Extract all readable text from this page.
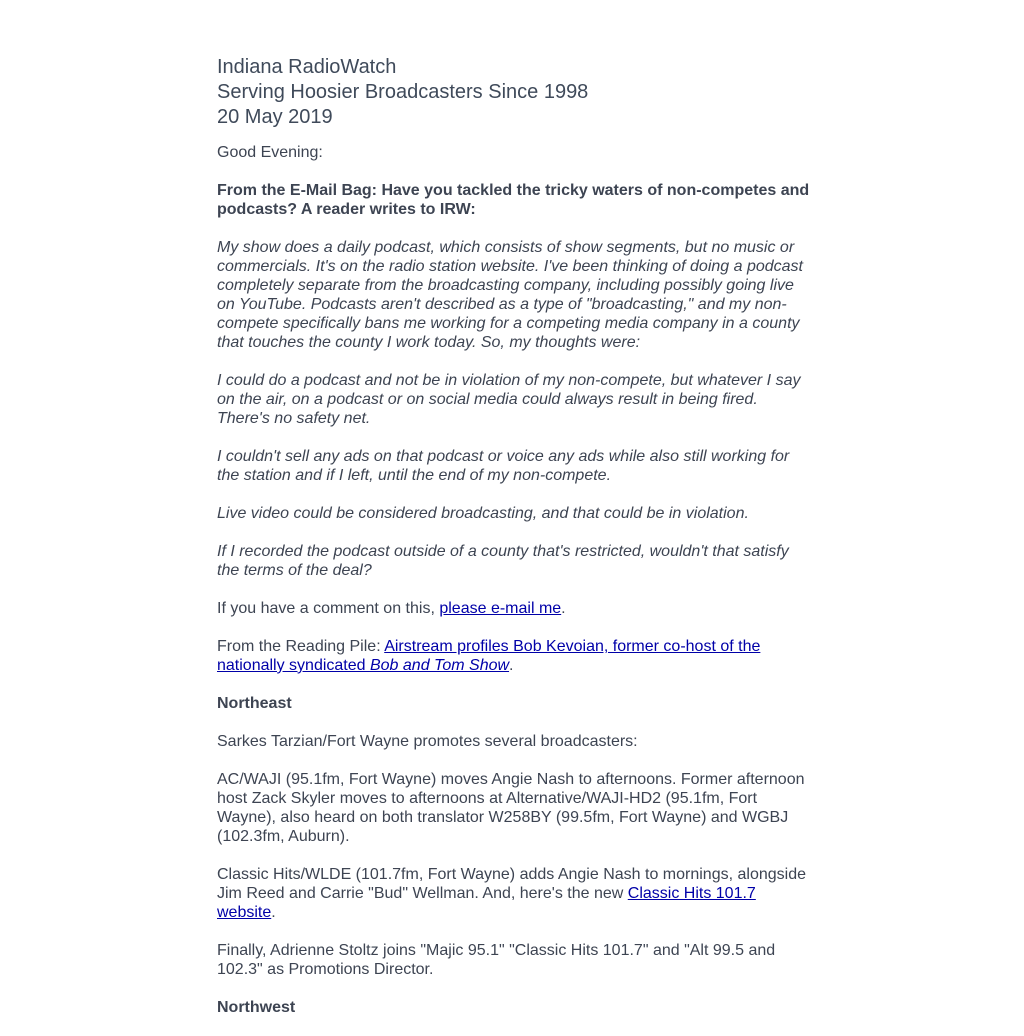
Indiana RadioWatch
Serving Hoosier Broadcasters Since 1998
20 May 2019

Good Evening:

From the E-Mail Bag: Have you tackled the tricky waters of non-competes and podcasts? A reader writes to IRW:

My show does a daily podcast, which consists of show segments, but no music or commercials. It's on the radio station website. I've been thinking of doing a podcast completely separate from the broadcasting company, including possibly going live on YouTube. Podcasts aren't described as a type of "broadcasting," and my non-compete specifically bans me working for a competing media company in a county that touches the county I work today. So, my thoughts were:

I could do a podcast and not be in violation of my non-compete, but whatever I say on the air, on a podcast or on social media could always result in being fired. There's no safety net.

I couldn't sell any ads on that podcast or voice any ads while also still working for the station and if I left, until the end of my non-compete.

Live video could be considered broadcasting, and that could be in violation.

If I recorded the podcast outside of a county that's restricted, wouldn't that satisfy the terms of the deal?

If you have a comment on this, please e-mail me.

From the Reading Pile: Airstream profiles Bob Kevoian, former co-host of the nationally syndicated Bob and Tom Show.

Northeast

Sarkes Tarzian/Fort Wayne promotes several broadcasters:

AC/WAJI (95.1fm, Fort Wayne) moves Angie Nash to afternoons. Former afternoon host Zack Skyler moves to afternoons at Alternative/WAJI-HD2 (95.1fm, Fort Wayne), also heard on both translator W258BY (99.5fm, Fort Wayne) and WGBJ (102.3fm, Auburn).

Classic Hits/WLDE (101.7fm, Fort Wayne) adds Angie Nash to mornings, alongside Jim Reed and Carrie "Bud" Wellman. And, here's the new Classic Hits 101.7 website.

Finally, Adrienne Stoltz joins "Majic 95.1" "Classic Hits 101.7" and "Alt 99.5 and 102.3" as Promotions Director.

Northwest
